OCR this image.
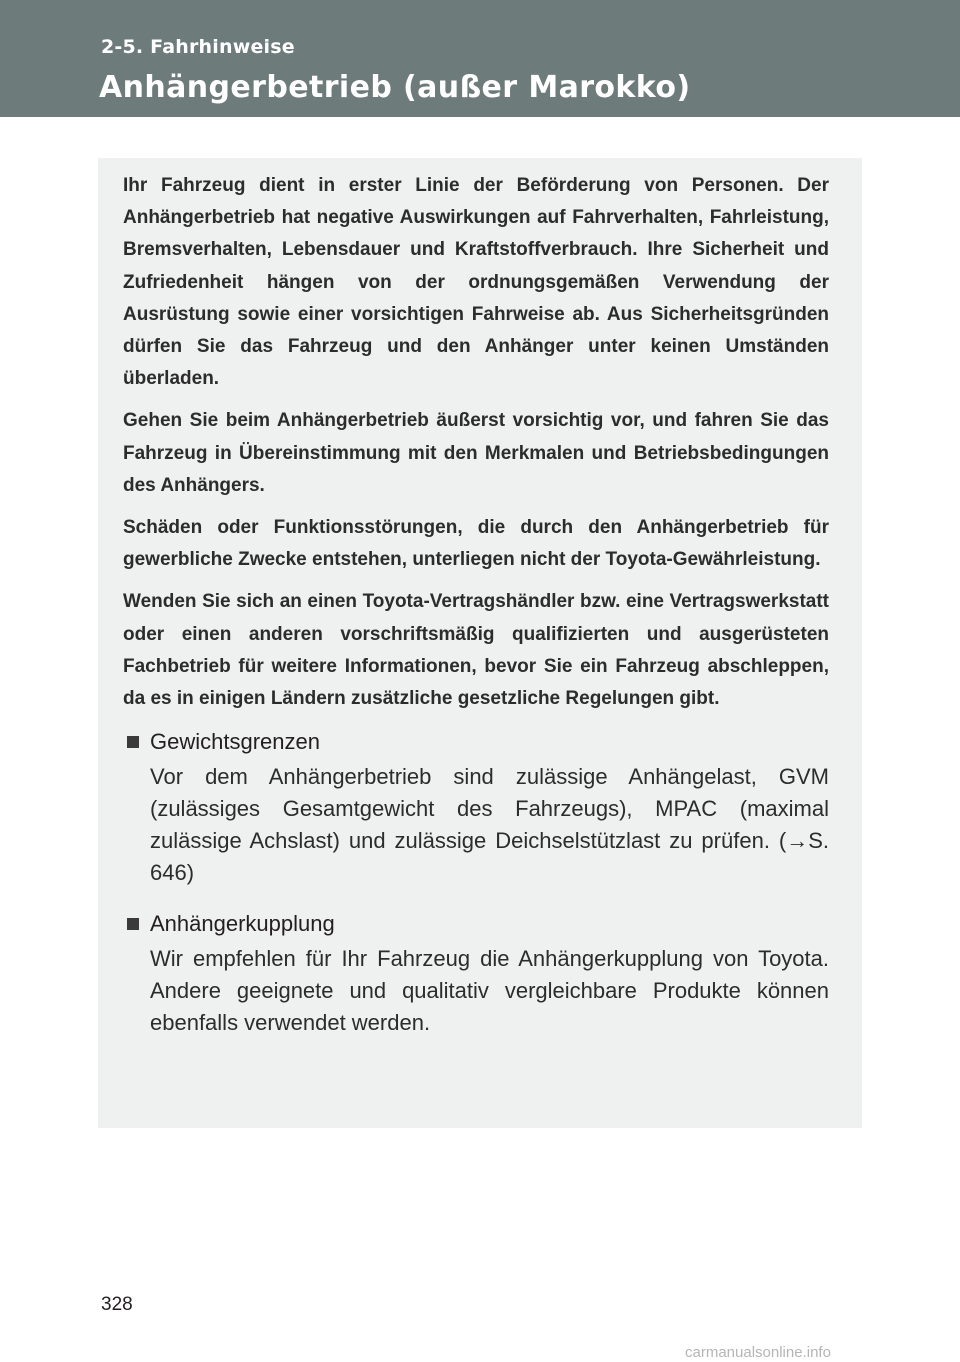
2-5. Fahrhinweise

Anhängerbetrieb (außer Marokko)

Ihr Fahrzeug dient in erster Linie der Beförderung von Personen. Der Anhängerbetrieb hat negative Auswirkungen auf Fahrverhalten, Fahrleistung, Bremsverhalten, Lebensdauer und Kraftstoffverbrauch. Ihre Sicherheit und Zufriedenheit hängen von der ordnungsgemäßen Verwendung der Ausrüstung sowie einer vorsichtigen Fahrweise ab. Aus Sicherheitsgründen dürfen Sie das Fahrzeug und den Anhänger unter keinen Umständen überladen.

Gehen Sie beim Anhängerbetrieb äußerst vorsichtig vor, und fahren Sie das Fahrzeug in Übereinstimmung mit den Merkmalen und Betriebsbedingungen des Anhängers.

Schäden oder Funktionsstörungen, die durch den Anhängerbetrieb für gewerbliche Zwecke entstehen, unterliegen nicht der Toyota-Gewährleistung.

Wenden Sie sich an einen Toyota-Vertragshändler bzw. eine Vertragswerkstatt oder einen anderen vorschriftsmäßig qualifizierten und ausgerüsteten Fachbetrieb für weitere Informationen, bevor Sie ein Fahrzeug abschleppen, da es in einigen Ländern zusätzliche gesetzliche Regelungen gibt.

Gewichtsgrenzen

Vor dem Anhängerbetrieb sind zulässige Anhängelast, GVM (zulässiges Gesamtgewicht des Fahrzeugs), MPAC (maximal zulässige Achslast) und zulässige Deichselstützlast zu prüfen. (→S. 646)

Anhängerkupplung

Wir empfehlen für Ihr Fahrzeug die Anhängerkupplung von Toyota. Andere geeignete und qualitativ vergleichbare Produkte können ebenfalls verwendet werden.

328

carmanualsonline.info
